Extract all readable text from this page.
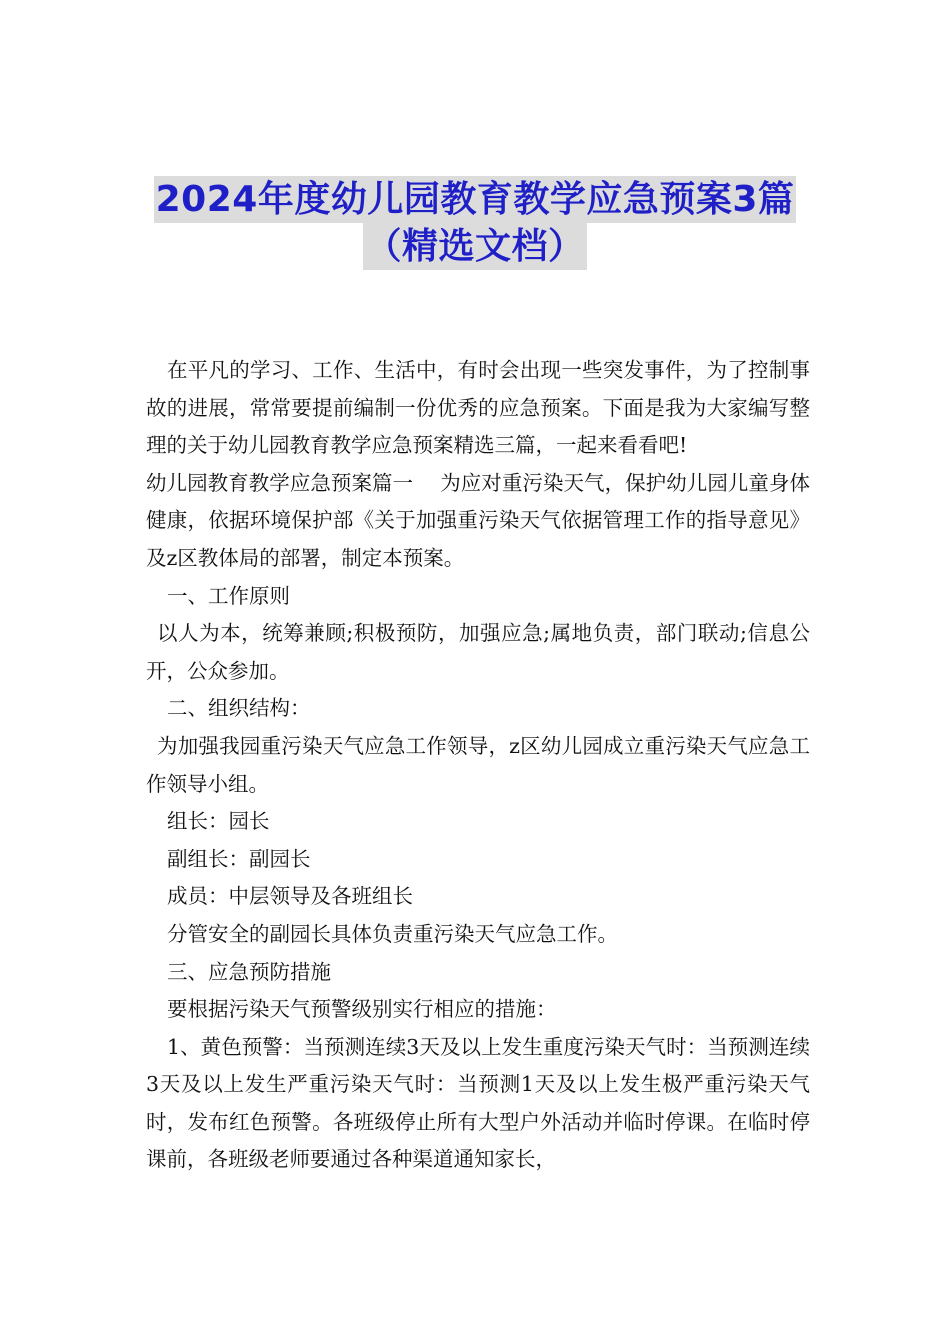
2024年度幼儿园教育教学应急预案3篇
（精选文档）

在平凡的学习、工作、生活中，有时会出现一些突发事件，为了控制事故的进展，常常要提前编制一份优秀的应急预案。下面是我为大家编写整理的关于幼儿园教育教学应急预案精选三篇，一起来看看吧!

幼儿园教育教学应急预案篇一　 为应对重污染天气，保护幼儿园儿童身体健康，依据环境保护部《关于加强重污染天气依据管理工作的指导意见》及z区教体局的部署，制定本预案。

一、工作原则

以人为本，统筹兼顾;积极预防，加强应急;属地负责，部门联动;信息公开，公众参加。

二、组织结构：

为加强我园重污染天气应急工作领导，z区幼儿园成立重污染天气应急工作领导小组。

组长：园长

副组长：副园长

成员：中层领导及各班组长

分管安全的副园长具体负责重污染天气应急工作。

三、应急预防措施

要根据污染天气预警级别实行相应的措施：

1、黄色预警：当预测连续3天及以上发生重度污染天气时：当预测连续3天及以上发生严重污染天气时：当预测1天及以上发生极严重污染天气时，发布红色预警。各班级停止所有大型户外活动并临时停课。在临时停课前，各班级老师要通过各种渠道通知家长，
